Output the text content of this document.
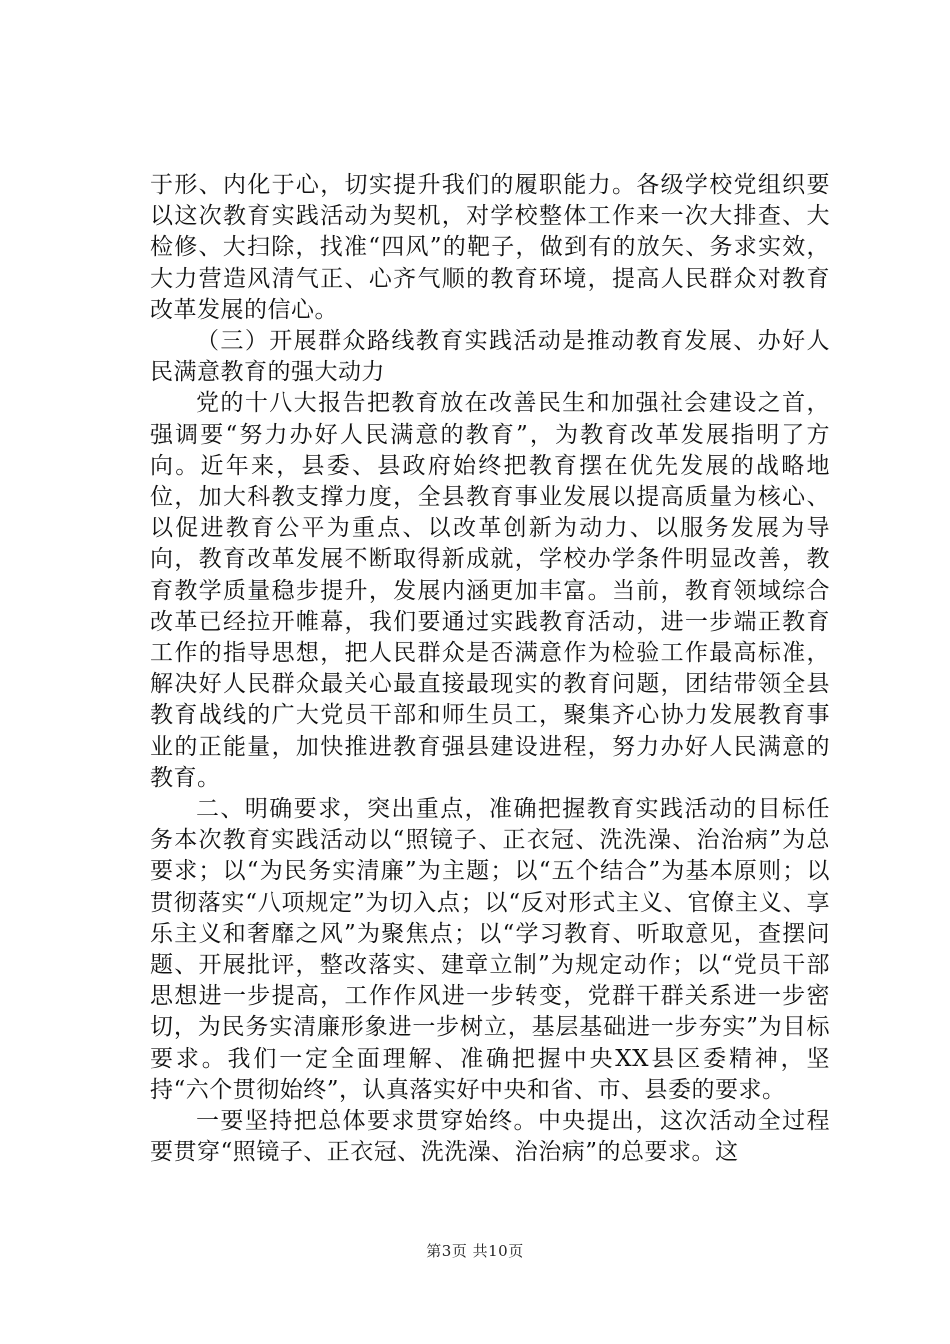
于形、内化于心，切实提升我们的履职能力。各级学校党组织要以这次教育实践活动为契机，对学校整体工作来一次大排查、大检修、大扫除，找准“四风”的靶子，做到有的放矢、务求实效，大力营造风清气正、心齐气顺的教育环境，提高人民群众对教育改革发展的信心。

（三）开展群众路线教育实践活动是推动教育发展、办好人民满意教育的强大动力

党的十八大报告把教育放在改善民生和加强社会建设之首，强调要“努力办好人民满意的教育”，为教育改革发展指明了方向。近年来，县委、县政府始终把教育摆在优先发展的战略地位，加大科教支撑力度，全县教育事业发展以提高质量为核心、以促进教育公平为重点、以改革创新为动力、以服务发展为导向，教育改革发展不断取得新成就，学校办学条件明显改善，教育教学质量稳步提升，发展内涵更加丰富。当前，教育领域综合改革已经拉开帷幕，我们要通过实践教育活动，进一步端正教育工作的指导思想，把人民群众是否满意作为检验工作最高标准，解决好人民群众最关心最直接最现实的教育问题，团结带领全县教育战线的广大党员干部和师生员工，聚集齐心协力发展教育事业的正能量，加快推进教育强县建设进程，努力办好人民满意的教育。

二、明确要求，突出重点，准确把握教育实践活动的目标任务本次教育实践活动以“照镜子、正衣冠、洗洗澡、治治病”为总要求；以“为民务实清廉”为主题；以“五个结合”为基本原则；以贯彻落实“八项规定”为切入点；以“反对形式主义、官僚主义、享乐主义和奢靡之风”为聚焦点；以“学习教育、听取意见，查摆问题、开展批评，整改落实、建章立制”为规定动作；以“党员干部思想进一步提高，工作作风进一步转变，党群干群关系进一步密切，为民务实清廉形象进一步树立，基层基础进一步夯实”为目标要求。我们一定全面理解、准确把握中央XX县区委精神，坚持“六个贯彻始终”，认真落实好中央和省、市、县委的要求。

一要坚持把总体要求贯穿始终。中央提出，这次活动全过程要贯穿“照镜子、正衣冠、洗洗澡、治治病”的总要求。这

第3页 共10页
